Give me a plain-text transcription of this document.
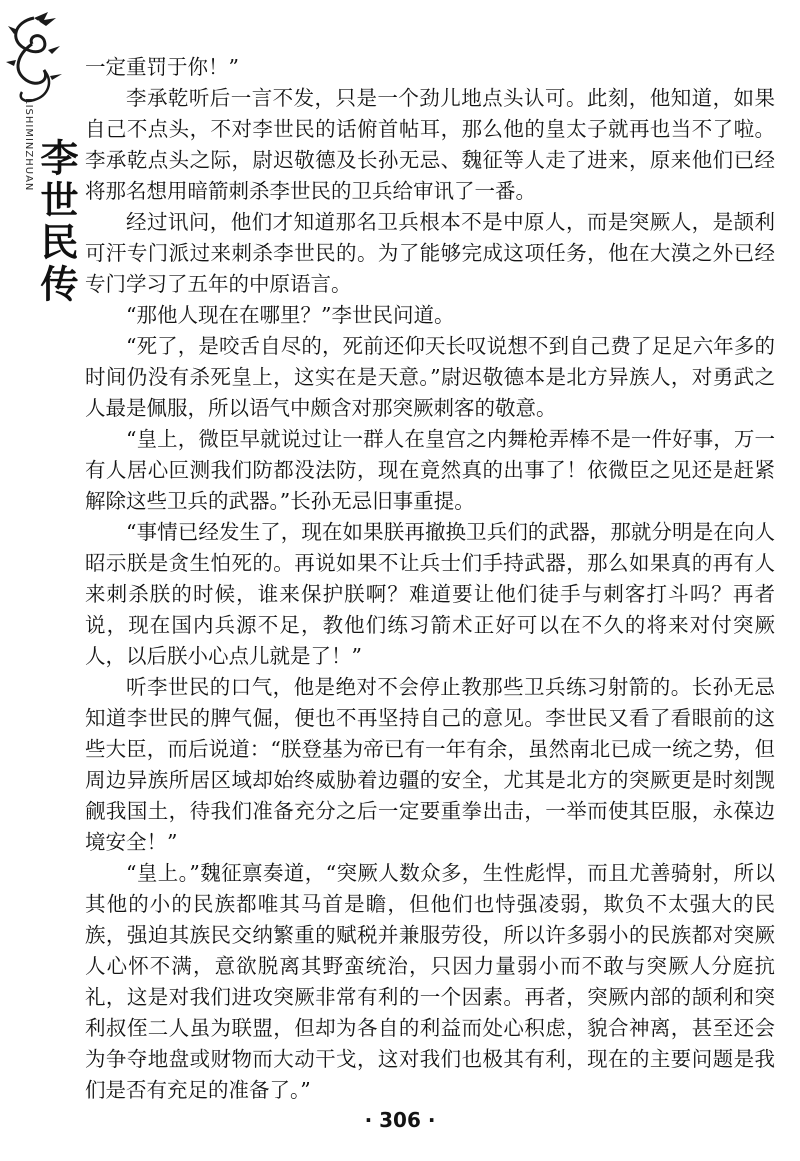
LISHIMINZHUAN 李世民传

一定重罚于你！”

李承乾听后一言不发，只是一个劲儿地点头认可。此刻，他知道，如果自己不点头，不对李世民的话俯首帖耳，那么他的皇太子就再也当不了啦。李承乾点头之际，尉迟敬德及长孙无忌、魏征等人走了进来，原来他们已经将那名想用暗箭刺杀李世民的卫兵给审讯了一番。

经过讯问，他们才知道那名卫兵根本不是中原人，而是突厥人，是颉利可汗专门派过来刺杀李世民的。为了能够完成这项任务，他在大漠之外已经专门学习了五年的中原语言。

“那他人现在在哪里？”李世民问道。

“死了，是咬舌自尽的，死前还仰天长叹说想不到自己费了足足六年多的时间仍没有杀死皇上，这实在是天意。”尉迟敬德本是北方异族人，对勇武之人最是佩服，所以语气中颇含对那突厥刺客的敬意。

“皇上，微臣早就说过让一群人在皇宫之内舞枪弄棒不是一件好事，万一有人居心叵测我们防都没法防，现在竟然真的出事了！依微臣之见还是赶紧解除这些卫兵的武器。”长孙无忌旧事重提。

“事情已经发生了，现在如果朕再撤换卫兵们的武器，那就分明是在向人昭示朕是贪生怕死的。再说如果不让兵士们手持武器，那么如果真的再有人来刺杀朕的时候，谁来保护朕啊？难道要让他们徒手与刺客打斗吗？再者说，现在国内兵源不足，教他们练习箭术正好可以在不久的将来对付突厥人，以后朕小心点儿就是了！”

听李世民的口气，他是绝对不会停止教那些卫兵练习射箭的。长孙无忌知道李世民的脾气倔，便也不再坚持自己的意见。李世民又看了看眼前的这些大臣，而后说道：“朕登基为帝已有一年有余，虽然南北已成一统之势，但周边异族所居区域却始终威胁着边疆的安全，尤其是北方的突厥更是时刻觊觎我国土，待我们准备充分之后一定要重拳出击，一举而使其臣服，永葆边境安全！”

“皇上。”魏征禀奏道，“突厥人数众多，生性彪悍，而且尤善骑射，所以其他的小的民族都唯其马首是瞻，但他们也恃强凌弱，欺负不太强大的民族，强迫其族民交纳繁重的赋税并兼服劳役，所以许多弱小的民族都对突厥人心怀不满，意欲脱离其野蛮统治，只因力量弱小而不敢与突厥人分庭抗礼，这是对我们进攻突厥非常有利的一个因素。再者，突厥内部的颉利和突利叔侄二人虽为联盟，但却为各自的利益而处心积虑，貌合神离，甚至还会为争夺地盘或财物而大动干戈，这对我们也极其有利，现在的主要问题是我们是否有充足的准备了。”

· 306 ·
